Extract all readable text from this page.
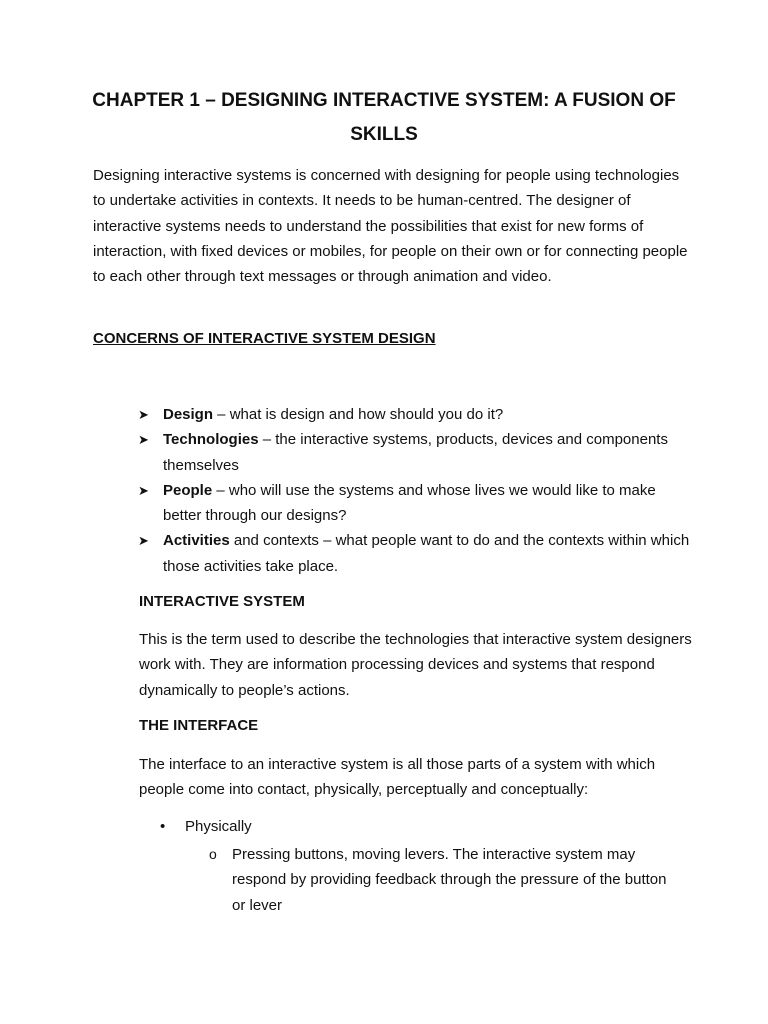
CHAPTER 1 – DESIGNING INTERACTIVE SYSTEM: A FUSION OF SKILLS
Designing interactive systems is concerned with designing for people using technologies to undertake activities in contexts. It needs to be human-centred. The designer of interactive systems needs to understand the possibilities that exist for new forms of interaction, with fixed devices or mobiles, for people on their own or for connecting people to each other through text messages or through animation and video.
CONCERNS OF INTERACTIVE SYSTEM DESIGN
➤ Design – what is design and how should you do it?
➤ Technologies – the interactive systems, products, devices and components themselves
➤ People – who will use the systems and whose lives we would like to make better through our designs?
➤ Activities and contexts – what people want to do and the contexts within which those activities take place.
INTERACTIVE SYSTEM
This is the term used to describe the technologies that interactive system designers work with. They are information processing devices and systems that respond dynamically to people’s actions.
THE INTERFACE
The interface to an interactive system is all those parts of a system with which people come into contact, physically, perceptually and conceptually:
• Physically
o Pressing buttons, moving levers. The interactive system may respond by providing feedback through the pressure of the button or lever
